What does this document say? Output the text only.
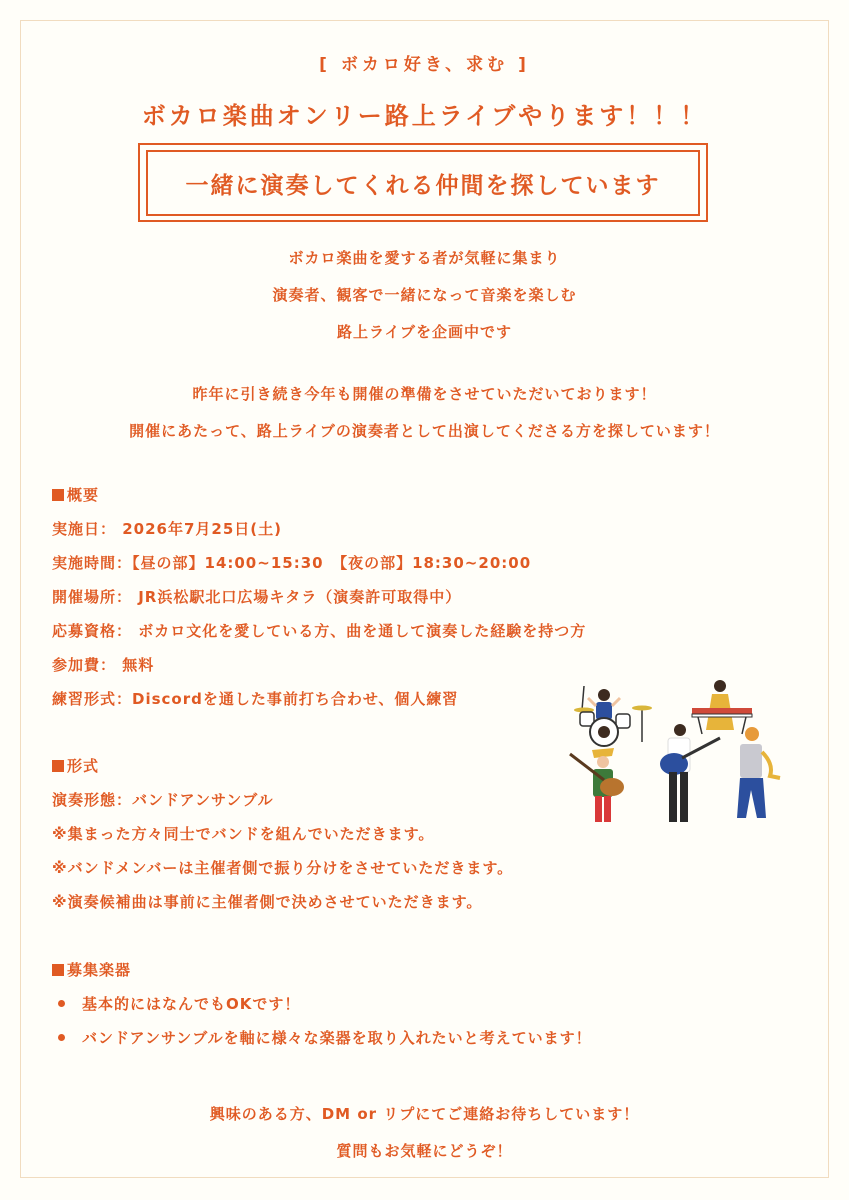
[ ボカロ好き、求む ]
ボカロ楽曲オンリー路上ライブやります！！！
一緒に演奏してくれる仲間を探しています
ボカロ楽曲を愛する者が気軽に集まり
演奏者、観客で一緒になって音楽を楽しむ
路上ライブを企画中です
昨年に引き続き今年も開催の準備をさせていただいております！
開催にあたって、路上ライブの演奏者として出演してくださる方を探しています！
概要
実施日： 2026年7月25日(土)
実施時間：【昼の部】14:00~15:30　【夜の部】18:30~20:00
開催場所： JR浜松駅北口広場キタラ（演奏許可取得中）
応募資格： ボカロ文化を愛している方、曲を通して演奏した経験を持つ方
参加費： 無料
練習形式：Discordを通した事前打ち合わせ、個人練習
形式
演奏形態：バンドアンサンブル
※集まった方々同士でバンドを組んでいただきます。
※バンドメンバーは主催者側で振り分けをさせていただきます。
※演奏候補曲は事前に主催者側で決めさせていただきます。
募集楽器
基本的にはなんでもOKです！
バンドアンサンブルを軸に様々な楽器を取り入れたいと考えています！
興味のある方、DM or リプにてご連絡お待ちしています！
質問もお気軽にどうぞ！
